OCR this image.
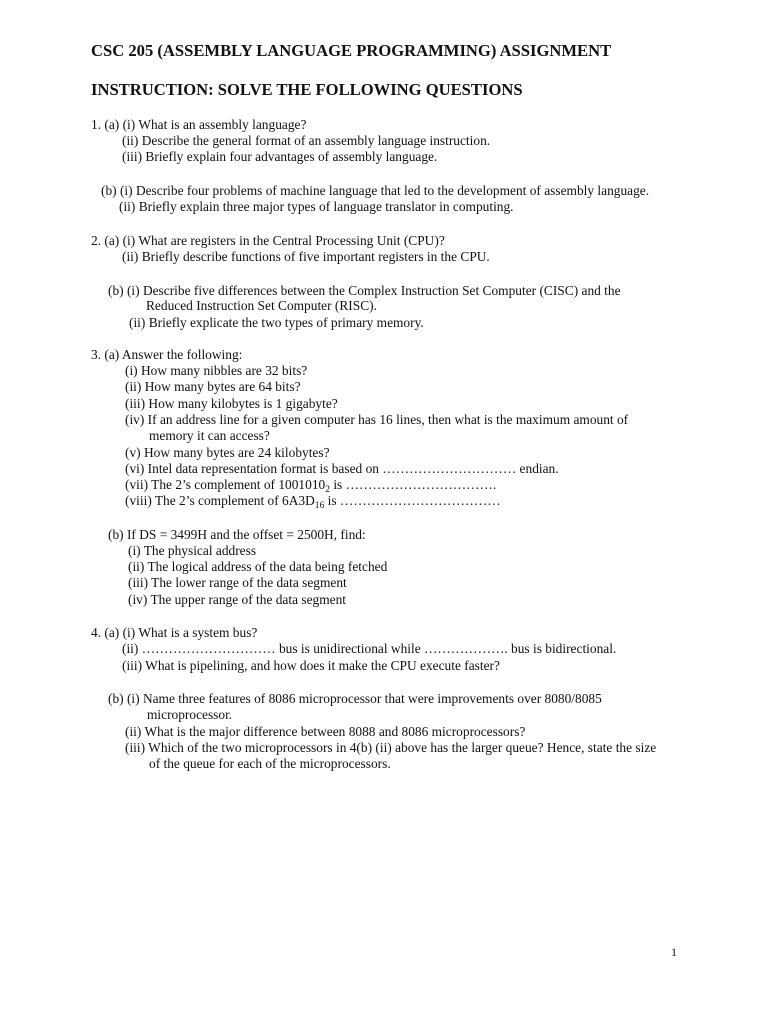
CSC 205 (ASSEMBLY LANGUAGE PROGRAMMING) ASSIGNMENT
INSTRUCTION: SOLVE THE FOLLOWING QUESTIONS
1. (a) (i) What is an assembly language?
(ii) Describe the general format of an assembly language instruction.
(iii) Briefly explain four advantages of assembly language.
(b) (i) Describe four problems of machine language that led to the development of assembly language.
(ii) Briefly explain three major types of language translator in computing.
2. (a) (i) What are registers in the Central Processing Unit (CPU)?
(ii) Briefly describe functions of five important registers in the CPU.
(b) (i) Describe five differences between the Complex Instruction Set Computer (CISC) and the
Reduced Instruction Set Computer (RISC).
(ii) Briefly explicate the two types of primary memory.
3. (a) Answer the following:
(i) How many nibbles are 32 bits?
(ii) How many bytes are 64 bits?
(iii) How many kilobytes is 1 gigabyte?
(iv) If an address line for a given computer has 16 lines, then what is the maximum amount of
memory it can access?
(v) How many bytes are 24 kilobytes?
(vi) Intel data representation format is based on ………………………… endian.
(vii) The 2’s complement of $1001010_2$ is …………………………….
(viii) The 2’s complement of $6A3D_{16}$ is ………………………………
(b) If DS = 3499H and the offset = 2500H, find:
(i) The physical address
(ii) The logical address of the data being fetched
(iii) The lower range of the data segment
(iv) The upper range of the data segment
4. (a) (i) What is a system bus?
(ii) ………………………… bus is unidirectional while ………………. bus is bidirectional.
(iii) What is pipelining, and how does it make the CPU execute faster?
(b) (i) Name three features of 8086 microprocessor that were improvements over 8080/8085
microprocessor.
(ii) What is the major difference between 8088 and 8086 microprocessors?
(iii) Which of the two microprocessors in 4(b) (ii) above has the larger queue? Hence, state the size
of the queue for each of the microprocessors.
1
